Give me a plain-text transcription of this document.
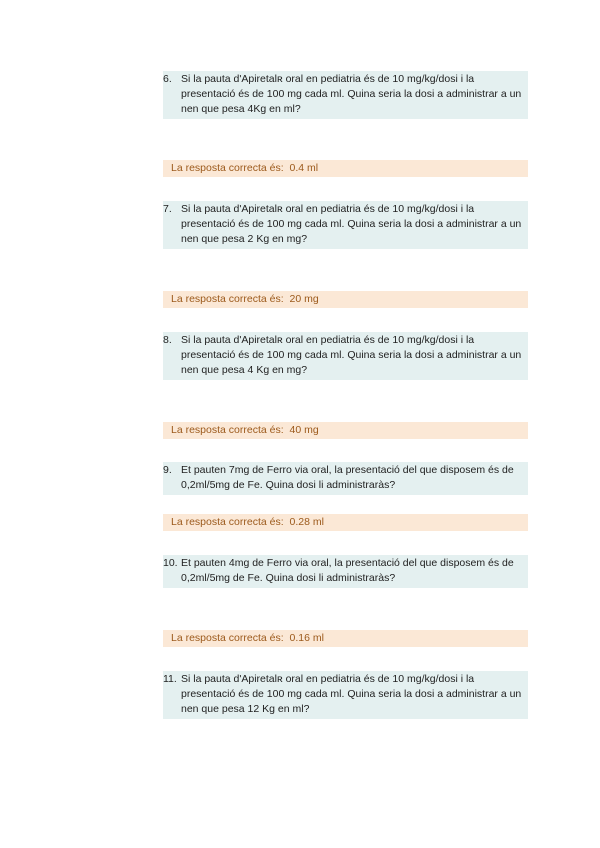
6. Si la pauta d'Apiretalʀ oral en pediatria és de 10 mg/kg/dosi i la presentació és de 100 mg cada ml. Quina seria la dosi a administrar a un nen que pesa 4Kg en ml?
La resposta correcta és:  0.4 ml
7. Si la pauta d'Apiretalʀ oral en pediatria és de 10 mg/kg/dosi i la presentació és de 100 mg cada ml. Quina seria la dosi a administrar a un nen que pesa 2 Kg en mg?
La resposta correcta és:  20 mg
8. Si la pauta d'Apiretalʀ oral en pediatria és de 10 mg/kg/dosi i la presentació és de 100 mg cada ml. Quina seria la dosi a administrar a un nen que pesa 4 Kg en mg?
La resposta correcta és:  40 mg
9. Et pauten 7mg de Ferro via oral, la presentació del que disposem és de 0,2ml/5mg de Fe. Quina dosi li administraràs?
La resposta correcta és:  0.28 ml
10. Et pauten 4mg de Ferro via oral, la presentació del que disposem és de 0,2ml/5mg de Fe. Quina dosi li administraràs?
La resposta correcta és:  0.16 ml
11. Si la pauta d'Apiretalʀ oral en pediatria és de 10 mg/kg/dosi i la presentació és de 100 mg cada ml. Quina seria la dosi a administrar a un nen que pesa 12 Kg en ml?
